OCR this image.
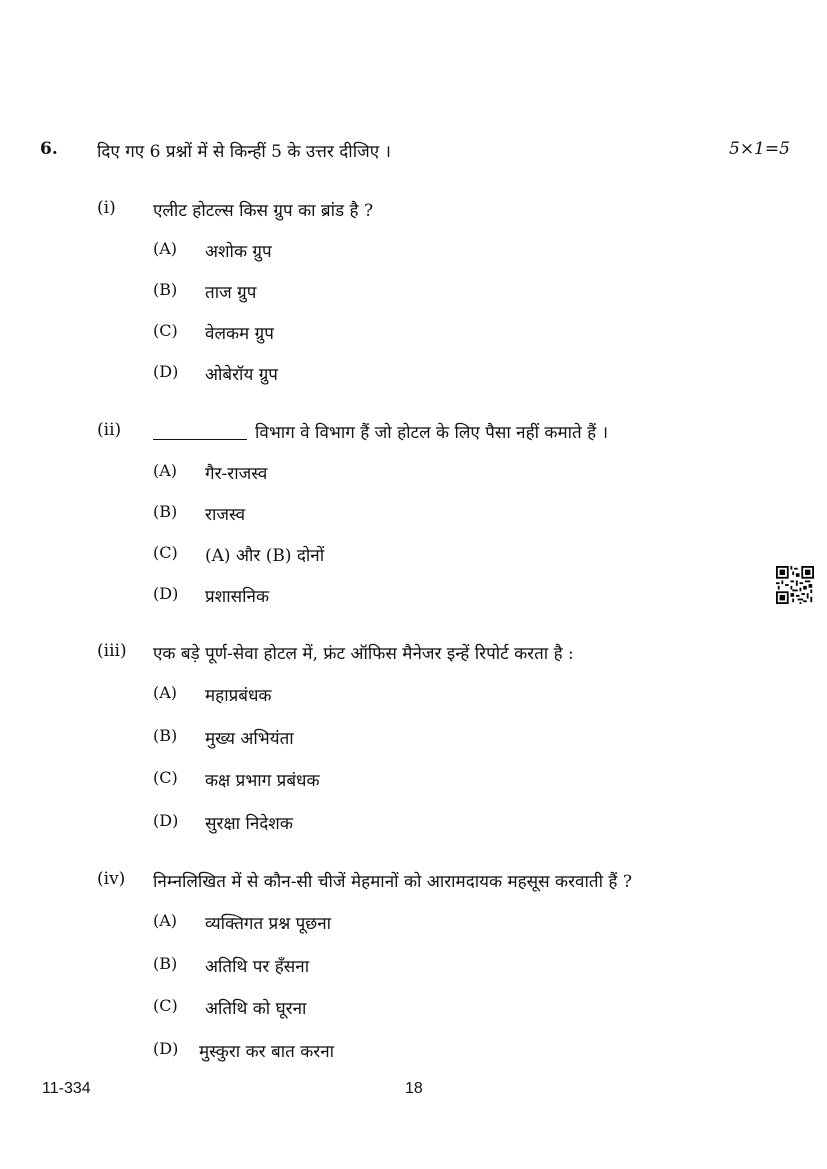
6. दिए गए 6 प्रश्नों में से किन्हीं 5 के उत्तर दीजिए ।	5×1=5
(i) एलीट होटल्स किस ग्रुप का ब्रांड है ?
(A) अशोक ग्रुप
(B) ताज ग्रुप
(C) वेलकम ग्रुप
(D) ओबेरॉय ग्रुप
(ii)	विभाग वे विभाग हैं जो होटल के लिए पैसा नहीं कमाते हैं ।
(A) गैर-राजस्व
(B) राजस्व
(C) (A) और (B) दोनों
(D) प्रशासनिक
(iii) एक बड़े पूर्ण-सेवा होटल में, फ्रंट ऑफिस मैनेजर इन्हें रिपोर्ट करता है :
(A) महाप्रबंधक
(B) मुख्य अभियंता
(C) कक्ष प्रभाग प्रबंधक
(D) सुरक्षा निदेशक
(iv) निम्नलिखित में से कौन-सी चीजें मेहमानों को आरामदायक महसूस करवाती हैं ?
(A) व्यक्तिगत प्रश्न पूछना
(B) अतिथि पर हँसना
(C) अतिथि को घूरना
(D) मुस्कुरा कर बात करना
11-334	18
